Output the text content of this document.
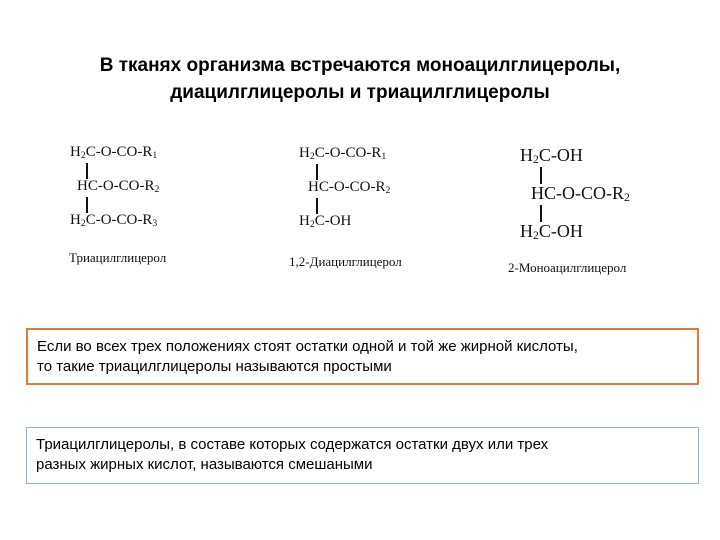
В тканях организма встречаются моноацилглицеролы,
диацилглицеролы и триацилглицеролы
$H_2C-O-CO-R_1$
$HC-O-CO-R_2$
$H_2C-O-CO-R_3$
Триацилглицерол
$H_2C-O-CO-R_1$
$HC-O-CO-R_2$
$H_2C-OH$
1,2-Диацилглицерол
$H_2C-OH$
$HC-O-CO-R_2$
$H_2C-OH$
2-Моноацилглицерол
Если во всех трех положениях стоят остатки одной и той же жирной кислоты,
то такие триацилглицеролы называются простыми
Триацилглицеролы, в составе которых содержатся остатки двух или трех
разных жирных кислот, называются смешаными
